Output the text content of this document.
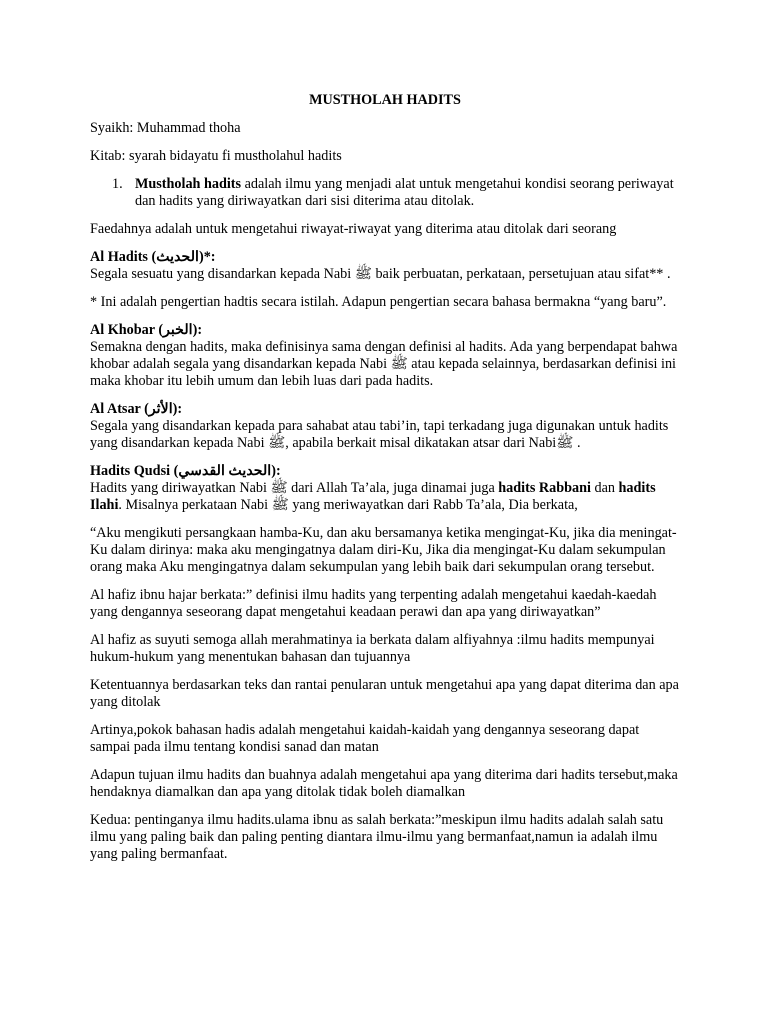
MUSTHOLAH HADITS

Syaikh: Muhammad thoha

Kitab: syarah bidayatu fi mustholahul hadits

1. Mustholah hadits adalah ilmu yang menjadi alat untuk mengetahui kondisi seorang periwayat dan hadits yang diriwayatkan dari sisi diterima atau ditolak.

Faedahnya adalah untuk mengetahui riwayat-riwayat yang diterima atau ditolak dari seorang

Al Hadits (الحديث)*:

Segala sesuatu yang disandarkan kepada Nabi ﷺ baik perbuatan, perkataan, persetujuan atau sifat** .

* Ini adalah pengertian hadtis secara istilah. Adapun pengertian secara bahasa bermakna “yang baru”.

Al Khobar (الخبر):

Semakna dengan hadits, maka definisinya sama dengan definisi al hadits. Ada yang berpendapat bahwa khobar adalah segala yang disandarkan kepada Nabi ﷺ atau kepada selainnya, berdasarkan definisi ini maka khobar itu lebih umum dan lebih luas dari pada hadits.

Al Atsar (الأثر):

Segala yang disandarkan kepada para sahabat atau tabi’in, tapi terkadang juga digunakan untuk hadits yang disandarkan kepada Nabi ﷺ, apabila berkait misal dikatakan atsar dari Nabiﷺ .

Hadits Qudsi (الحديث القدسي):

Hadits yang diriwayatkan Nabi ﷺ dari Allah Ta’ala, juga dinamai juga hadits Rabbani dan hadits Ilahi. Misalnya perkataan Nabi ﷺ yang meriwayatkan dari Rabb Ta’ala, Dia berkata,

“Aku mengikuti persangkaan hamba-Ku, dan aku bersamanya ketika mengingat-Ku, jika dia meningat-Ku dalam dirinya: maka aku mengingatnya dalam diri-Ku, Jika dia mengingat-Ku dalam sekumpulan orang maka Aku mengingatnya dalam sekumpulan yang lebih baik dari sekumpulan orang tersebut.

Al hafiz ibnu hajar berkata:” definisi ilmu hadits yang terpenting adalah mengetahui kaedah-kaedah yang dengannya seseorang dapat mengetahui keadaan perawi dan apa yang diriwayatkan”

Al hafiz as suyuti semoga allah merahmatinya ia berkata dalam alfiyahnya :ilmu hadits mempunyai hukum-hukum yang menentukan bahasan dan tujuannya

Ketentuannya berdasarkan teks dan rantai penularan untuk mengetahui apa yang dapat diterima dan apa yang ditolak

Artinya,pokok bahasan hadis adalah mengetahui kaidah-kaidah yang dengannya seseorang dapat sampai pada ilmu tentang kondisi sanad dan matan

Adapun tujuan ilmu hadits dan buahnya adalah mengetahui apa yang diterima dari hadits tersebut,maka hendaknya diamalkan dan apa yang ditolak tidak boleh diamalkan

Kedua: pentinganya ilmu hadits.ulama ibnu as salah berkata:”meskipun ilmu hadits adalah salah satu ilmu yang paling baik dan paling penting diantara ilmu-ilmu yang bermanfaat,namun ia adalah ilmu yang paling bermanfaat.
